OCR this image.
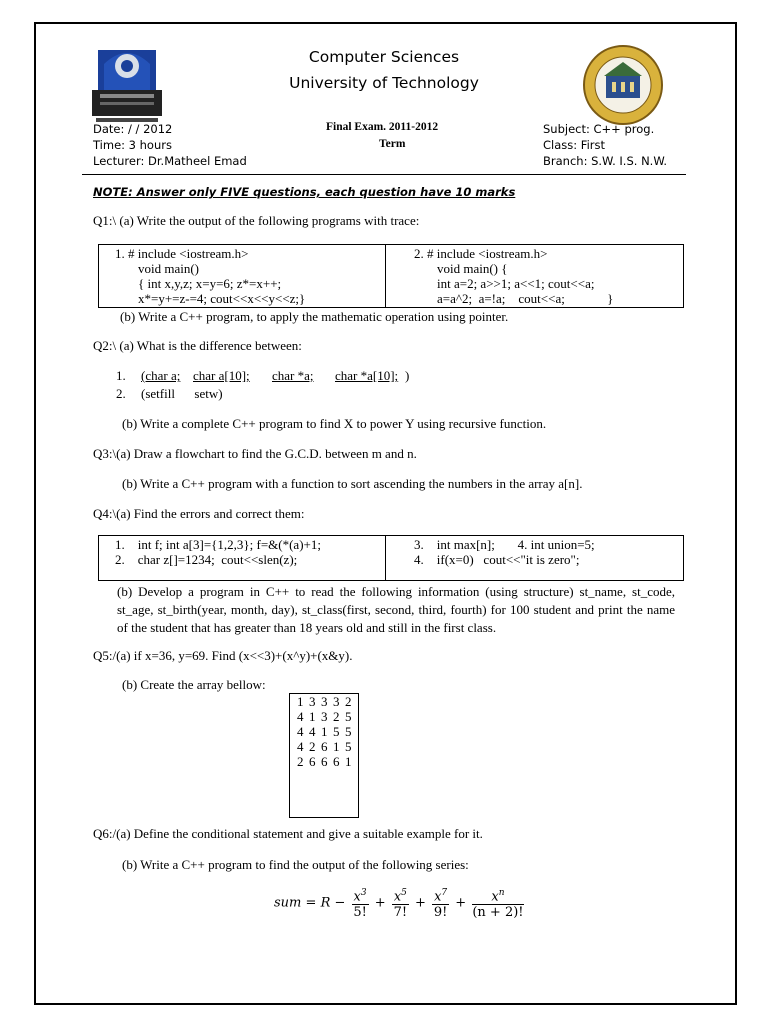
Computer Sciences
University of Technology
Date: / / 2012
Time: 3 hours
Lecturer: Dr.Matheel Emad
Final Exam. 2011-2012
Term
Subject: C++ prog.
Class: First
Branch: S.W. I.S. N.W.
NOTE: Answer only FIVE questions, each question have 10 marks
Q1:\ (a) Write the output of the following programs with trace:
1. # include <iostream.h>
void main()
{ int x,y,z; x=y=6; z*=x++;
x*=y+=z-=4; cout<<x<<y<<z;}
2. # include <iostream.h>
void main() {
int a=2; a>>1; a<<1; cout<<a;
a=a^2;  a=!a;    cout<<a;             }
(b) Write a C++ program, to apply the mathematic operation using pointer.
Q2:\ (a) What is the difference between:
1. (char a; char a[10]; char *a; char *a[10]; )
2. (setfill      setw)
(b) Write a complete C++ program to find X to power Y using recursive function.
Q3:\(a) Draw a flowchart to find the G.C.D. between m and n.
(b) Write a C++ program with a function to sort ascending the numbers in the array a[n].
Q4:\(a) Find the errors and correct them:
1.    int f; int a[3]={1,2,3}; f=&(*(a)+1;
2.    char z[]=1234;  cout<<slen(z);
3.    int max[n];       4. int union=5;
4.    if(x=0)   cout<<"it is zero";
(b) Develop a program in C++ to read the following information (using structure) st_name, st_code, st_age, st_birth(year, month, day), st_class(first, second, third, fourth) for 100 student and print the name of the student that has greater than 18 years old and still in the first class.
Q5:/(a) if x=36, y=69. Find (x<<3)+(x^y)+(x&y).
(b) Create the array bellow:
1 3 3 3 2
4 1 3 2 5
4 4 1 5 5
4 2 6 1 5
2 6 6 6 1
Q6:/(a) Define the conditional statement and give a suitable example for it.
(b) Write a C++ program to find the output of the following series:
sum = $R - \frac{x^3}{5!} + \frac{x^5}{7!} + \frac{x^7}{9!} + \frac{x^n}{(n + 2)!}$
